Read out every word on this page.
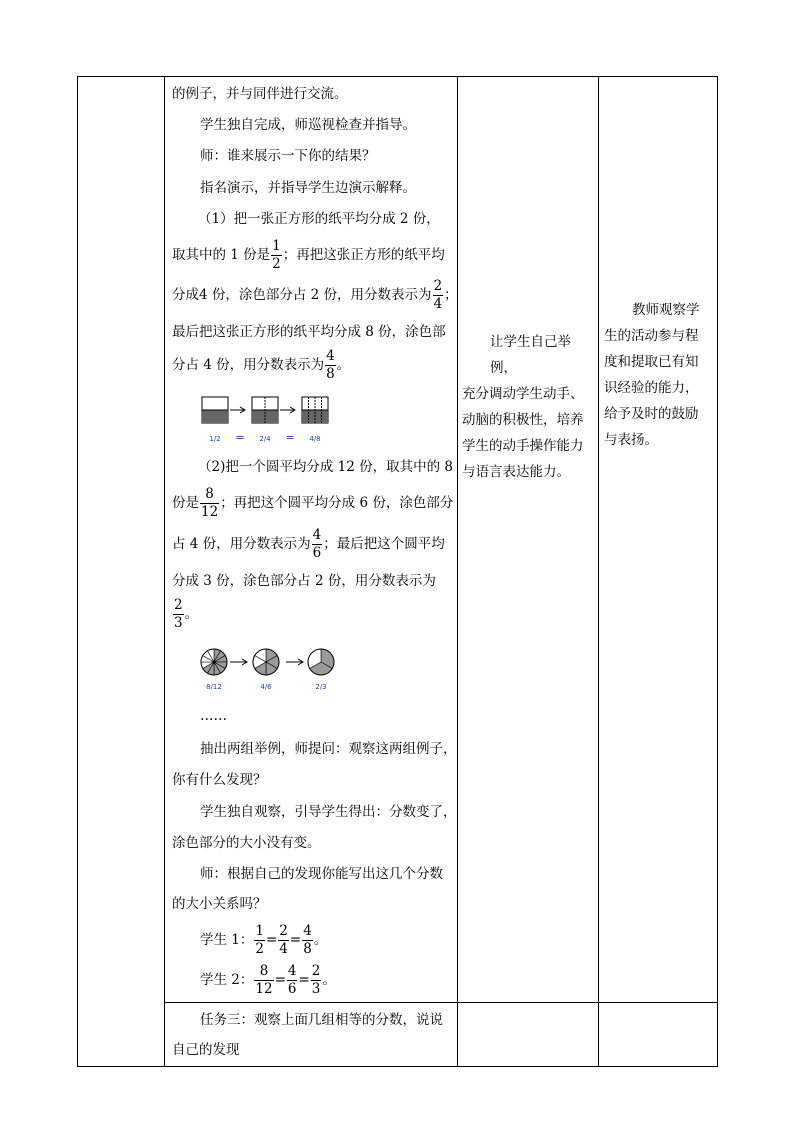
的例子，并与同伴进行交流。
学生独自完成，师巡视检查并指导。
师：谁来展示一下你的结果？
指名演示，并指导学生边演示解释。
（1）把一张正方形的纸平均分成 2 份，
取其中的 1 份是 $\frac{1}{2}$ ；再把这张正方形的纸平均
分成4 份，涂色部分占 2 份，用分数表示为 $\frac{2}{4}$ ；
最后把这张正方形的纸平均分成 8 份，涂色部
分占 4 份，用分数表示为 $\frac{4}{8}$ 。
1/2 = 2/4 = 4/8
（2)把一个圆平均分成 12 份，取其中的 8
份是 $\frac{8}{12}$ ；再把这个圆平均分成 6 份，涂色部分
占 4 份，用分数表示为 $\frac{4}{6}$ ；最后把这个圆平均
分成 3 份，涂色部分占 2 份，用分数表示为
$\frac{2}{3}$ 。
8/12	4/6	2/3
……
抽出两组举例，师提问：观察这两组例子，
你有什么发现？
学生独自观察，引导学生得出：分数变了，
涂色部分的大小没有变。
师：根据自己的发现你能写出这几个分数
的大小关系吗？
学生 1： $\frac{1}{2} = \frac{2}{4} = \frac{4}{8}$ 。
学生 2： $\frac{8}{12} = \frac{4}{6} = \frac{2}{3}$ 。
任务三：观察上面几组相等的分数，说说
自己的发现
让学生自己举例，
充分调动学生动手、
动脑的积极性，培养
学生的动手操作能力
与语言表达能力。
教师观察学
生的活动参与程
度和提取已有知
识经验的能力，
给予及时的鼓励
与表扬。
